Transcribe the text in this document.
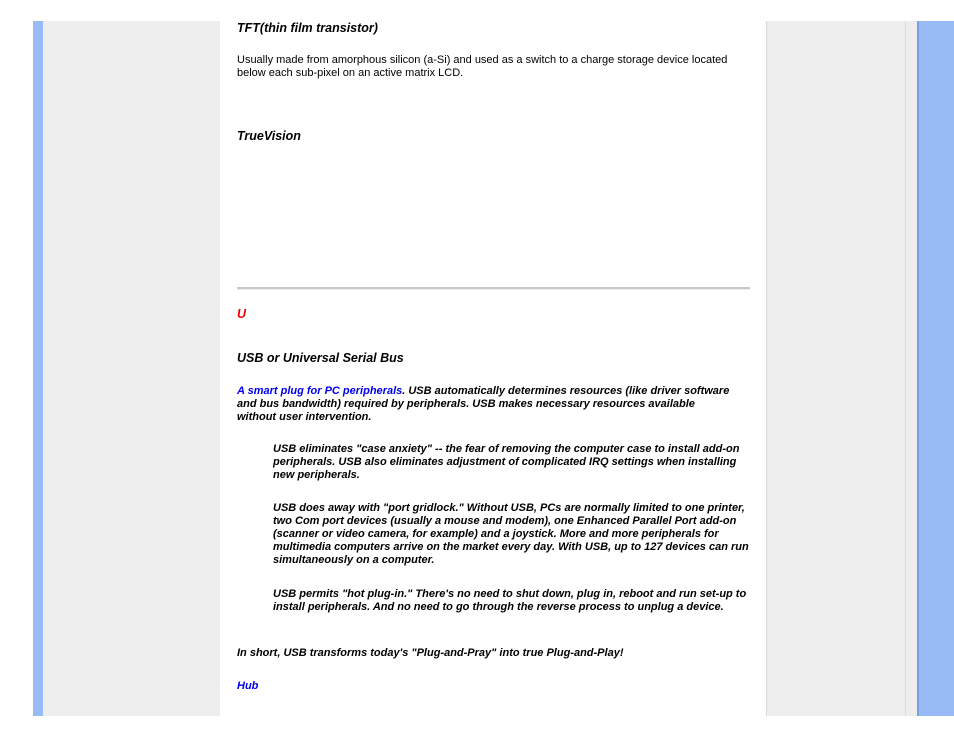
TFT(thin film transistor)

Usually made from amorphous silicon (a-Si) and used as a switch to a charge storage device located below each sub-pixel on an active matrix LCD.

TrueVision

U

USB or Universal Serial Bus

A smart plug for PC peripherals. USB automatically determines resources (like driver software and bus bandwidth) required by peripherals. USB makes necessary resources available without user intervention.

USB eliminates "case anxiety" -- the fear of removing the computer case to install add-on peripherals. USB also eliminates adjustment of complicated IRQ settings when installing new peripherals.

USB does away with "port gridlock." Without USB, PCs are normally limited to one printer, two Com port devices (usually a mouse and modem), one Enhanced Parallel Port add-on (scanner or video camera, for example) and a joystick. More and more peripherals for multimedia computers arrive on the market every day. With USB, up to 127 devices can run simultaneously on a computer.

USB permits "hot plug-in." There's no need to shut down, plug in, reboot and run set-up to install peripherals. And no need to go through the reverse process to unplug a device.

In short, USB transforms today's "Plug-and-Pray" into true Plug-and-Play!

Hub
